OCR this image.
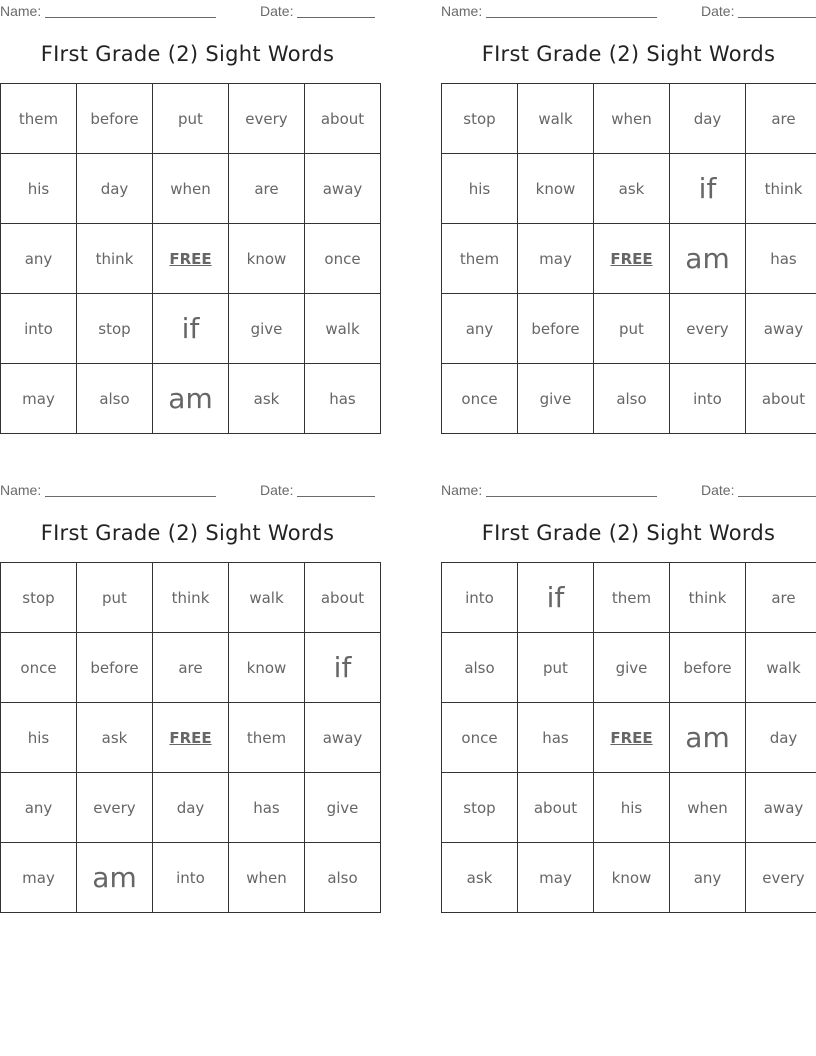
Name:	Date:
FIrst Grade (2) Sight Words
them	before	put	every	about
his	day	when	are	away
any	think	FREE	know	once
into	stop	if	give	walk
may	also	am	ask	has
Name:	Date:
FIrst Grade (2) Sight Words
stop	walk	when	day	are
his	know	ask	if	think
them	may	FREE	am	has
any	before	put	every	away
once	give	also	into	about
Name:	Date:
FIrst Grade (2) Sight Words
stop	put	think	walk	about
once	before	are	know	if
his	ask	FREE	them	away
any	every	day	has	give
may	am	into	when	also
Name:	Date:
FIrst Grade (2) Sight Words
into	if	them	think	are
also	put	give	before	walk
once	has	FREE	am	day
stop	about	his	when	away
ask	may	know	any	every
